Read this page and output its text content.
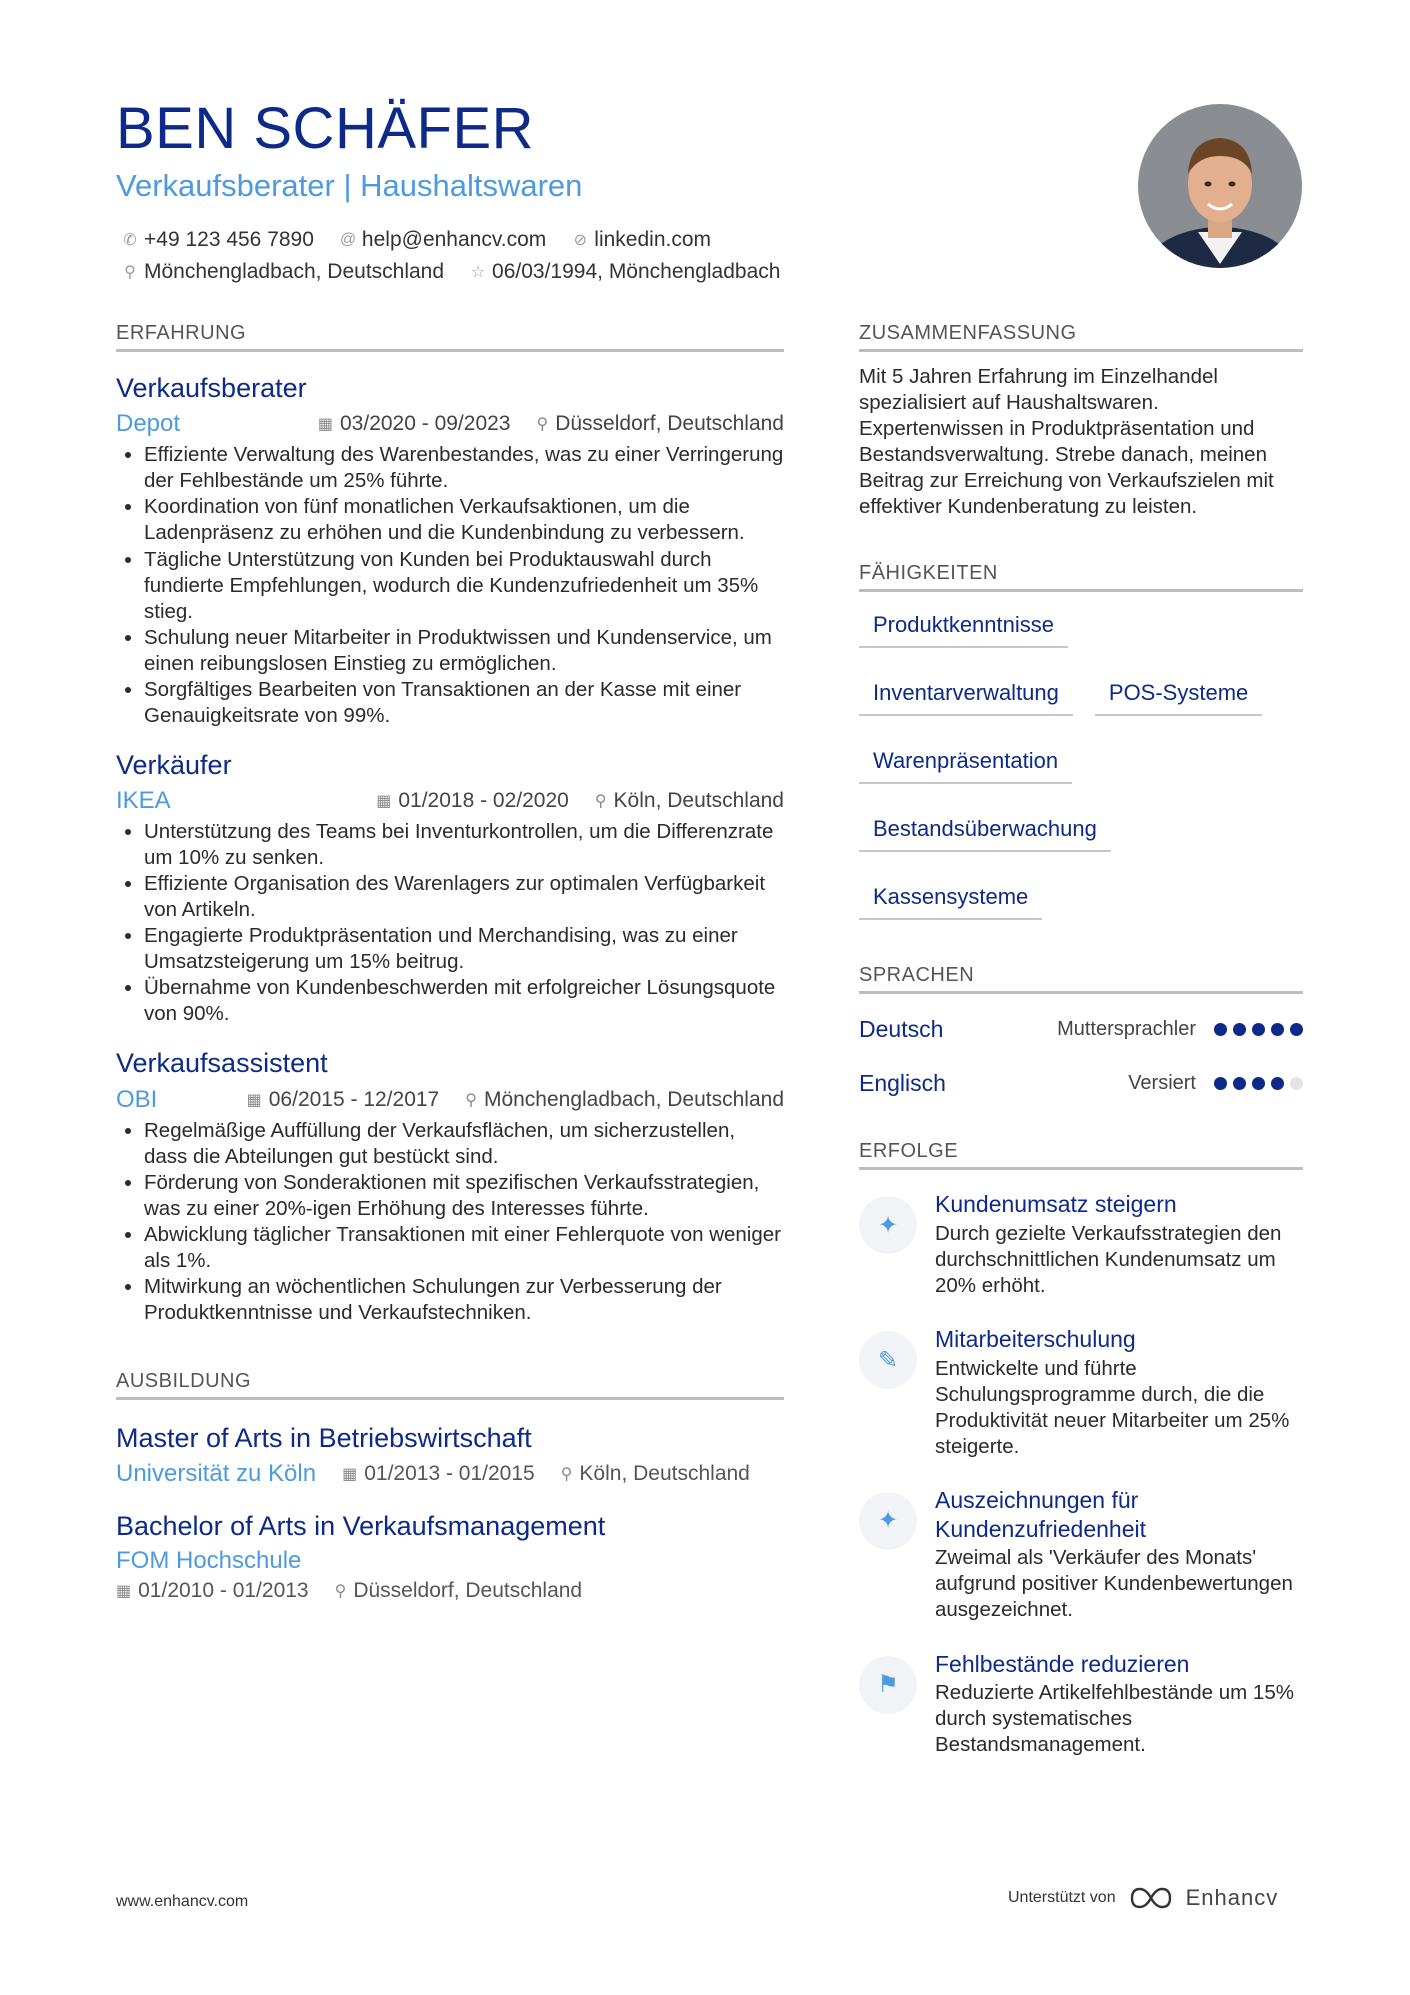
BEN SCHÄFER
Verkaufsberater | Haushaltswaren
✆ +49 123 456 7890 @ help@enhancv.com ⊘ linkedin.com
⚲ Mönchengladbach, Deutschland ☆ 06/03/1994, Mönchengladbach
ERFAHRUNG
Verkaufsberater
Depot	▦ 03/2020 - 09/2023 ⚲ Düsseldorf, Deutschland
• Effiziente Verwaltung des Warenbestandes, was zu einer Verringerung der Fehlbestände um 25% führte.
• Koordination von fünf monatlichen Verkaufsaktionen, um die Ladenpräsenz zu erhöhen und die Kundenbindung zu verbessern.
• Tägliche Unterstützung von Kunden bei Produktauswahl durch fundierte Empfehlungen, wodurch die Kundenzufriedenheit um 35% stieg.
• Schulung neuer Mitarbeiter in Produktwissen und Kundenservice, um einen reibungslosen Einstieg zu ermöglichen.
• Sorgfältiges Bearbeiten von Transaktionen an der Kasse mit einer Genauigkeitsrate von 99%.
Verkäufer
IKEA	▦ 01/2018 - 02/2020 ⚲ Köln, Deutschland
• Unterstützung des Teams bei Inventurkontrollen, um die Differenzrate um 10% zu senken.
• Effiziente Organisation des Warenlagers zur optimalen Verfügbarkeit von Artikeln.
• Engagierte Produktpräsentation und Merchandising, was zu einer Umsatzsteigerung um 15% beitrug.
• Übernahme von Kundenbeschwerden mit erfolgreicher Lösungsquote von 90%.
Verkaufsassistent
OBI	▦ 06/2015 - 12/2017 ⚲ Mönchengladbach, Deutschland
• Regelmäßige Auffüllung der Verkaufsflächen, um sicherzustellen, dass die Abteilungen gut bestückt sind.
• Förderung von Sonderaktionen mit spezifischen Verkaufsstrategien, was zu einer 20%-igen Erhöhung des Interesses führte.
• Abwicklung täglicher Transaktionen mit einer Fehlerquote von weniger als 1%.
• Mitwirkung an wöchentlichen Schulungen zur Verbesserung der Produktkenntnisse und Verkaufstechniken.
AUSBILDUNG
Master of Arts in Betriebswirtschaft
Universität zu Köln ▦ 01/2013 - 01/2015 ⚲ Köln, Deutschland
Bachelor of Arts in Verkaufsmanagement
FOM Hochschule
▦ 01/2010 - 01/2013 ⚲ Düsseldorf, Deutschland
ZUSAMMENFASSUNG
Mit 5 Jahren Erfahrung im Einzelhandel spezialisiert auf Haushaltswaren. Expertenwissen in Produktpräsentation und Bestandsverwaltung. Strebe danach, meinen Beitrag zur Erreichung von Verkaufszielen mit effektiver Kundenberatung zu leisten.
FÄHIGKEITEN
Produktkenntnisse
Inventarverwaltung	POS-Systeme
Warenpräsentation
Bestandsüberwachung
Kassensysteme
SPRACHEN
Deutsch	Muttersprachler
Englisch	Versiert
ERFOLGE
✦
Kundenumsatz steigern
Durch gezielte Verkaufsstrategien den durchschnittlichen Kundenumsatz um 20% erhöht.
✎
Mitarbeiterschulung
Entwickelte und führte Schulungsprogramme durch, die die Produktivität neuer Mitarbeiter um 25% steigerte.
✦
Auszeichnungen für Kundenzufriedenheit
Zweimal als 'Verkäufer des Monats' aufgrund positiver Kundenbewertungen ausgezeichnet.
⚑
Fehlbestände reduzieren
Reduzierte Artikelfehlbestände um 15% durch systematisches Bestandsmanagement.
www.enhancv.com	Unterstützt von	Enhancv
